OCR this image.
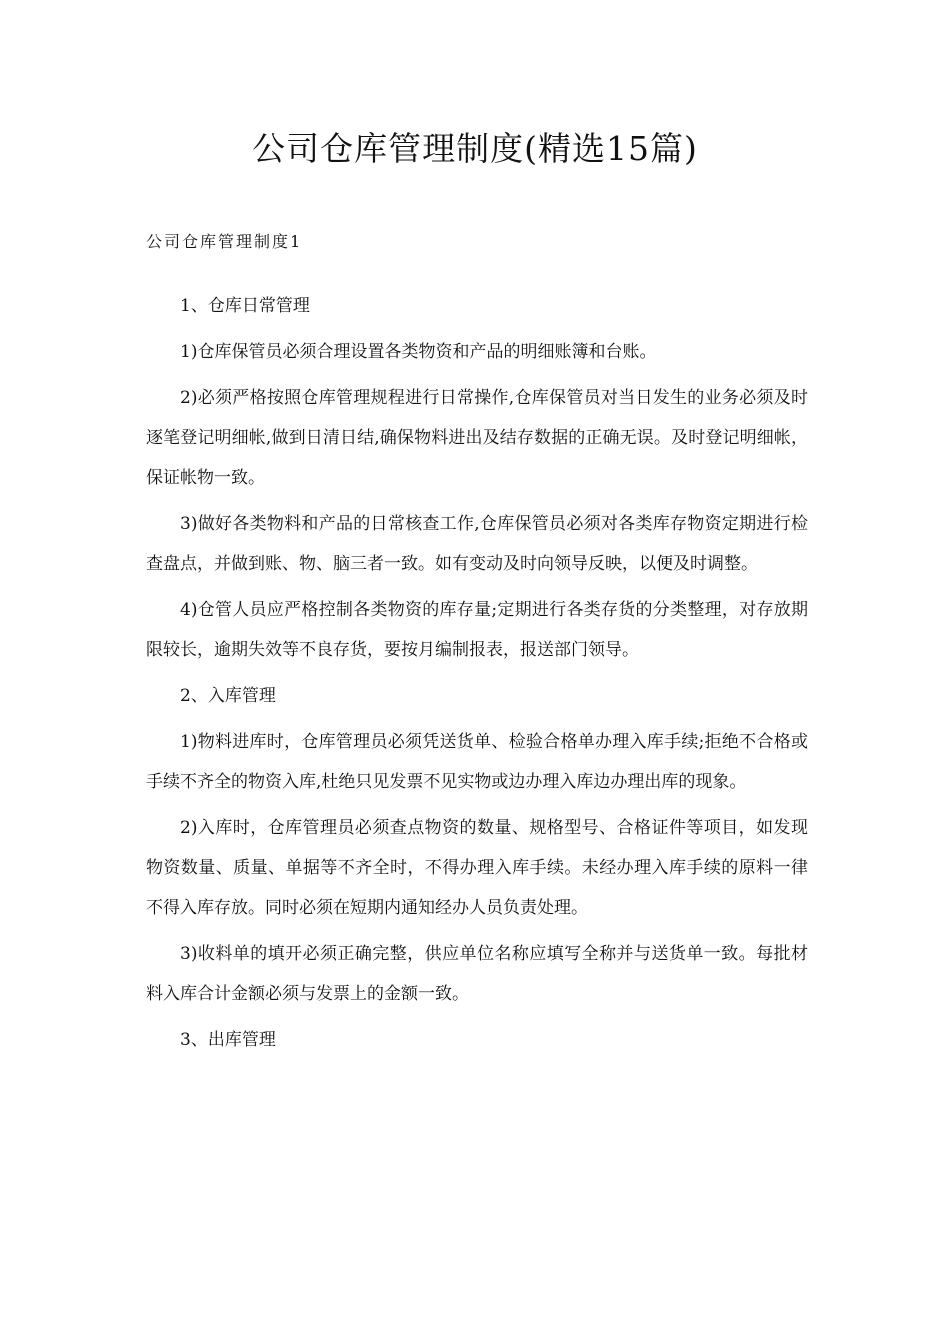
公司仓库管理制度(精选15篇)
公司仓库管理制度1

1、仓库日常管理

1)仓库保管员必须合理设置各类物资和产品的明细账簿和台账。

2)必须严格按照仓库管理规程进行日常操作,仓库保管员对当日发生的业务必须及时逐笔登记明细帐,做到日清日结,确保物料进出及结存数据的正确无误。及时登记明细帐，保证帐物一致。

3)做好各类物料和产品的日常核查工作,仓库保管员必须对各类库存物资定期进行检查盘点，并做到账、物、脑三者一致。如有变动及时向领导反映，以便及时调整。

4)仓管人员应严格控制各类物资的库存量;定期进行各类存货的分类整理，对存放期限较长，逾期失效等不良存货，要按月编制报表，报送部门领导。

2、入库管理

1)物料进库时，仓库管理员必须凭送货单、检验合格单办理入库手续;拒绝不合格或手续不齐全的物资入库,杜绝只见发票不见实物或边办理入库边办理出库的现象。

2)入库时，仓库管理员必须查点物资的数量、规格型号、合格证件等项目，如发现物资数量、质量、单据等不齐全时，不得办理入库手续。未经办理入库手续的原料一律不得入库存放。同时必须在短期内通知经办人员负责处理。

3)收料单的填开必须正确完整，供应单位名称应填写全称并与送货单一致。每批材料入库合计金额必须与发票上的金额一致。

3、出库管理
